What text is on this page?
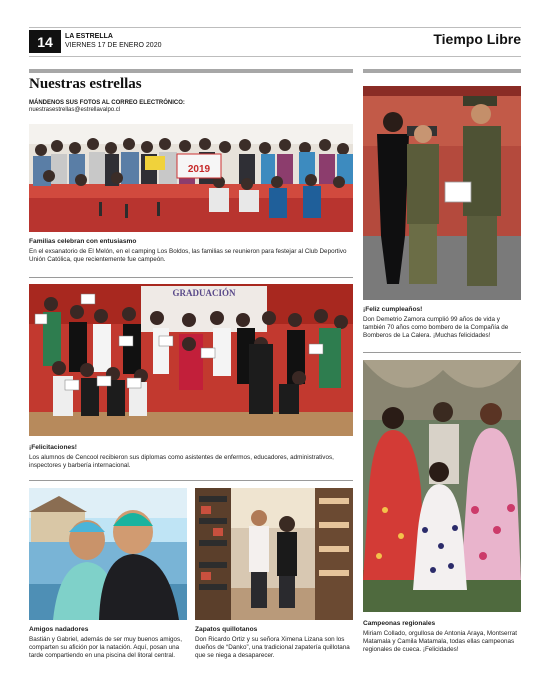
14	LA ESTRELLA
VIERNES 17 DE ENERO 2020	Tiempo Libre
Nuestras estrellas
MÁNDENOS SUS FOTOS AL CORREO ELECTRÓNICO:
nuestrasestrellas@estrellavalpo.cl
2019
Familias celebran con entusiasmo
En el exsanatorio de El Melón, en el camping Los Boldos, las familias se reunieron para festejar al Club Deportivo Unión Católica, que recientemente fue campeón.
GRADUACIÓN
¡Felicitaciones!
Los alumnos de Cencool recibieron sus diplomas como asistentes de enfermos, educadores, administrativos, inspectores y barbería internacional.
Amigos nadadores
Bastián y Gabriel, además de ser muy buenos amigos, comparten su afición por la natación. Aquí, posan una tarde compartiendo en una piscina del litoral central.
Zapatos quillotanos
Don Ricardo Ortiz y su señora Ximena Lizana son los dueños de “Danko”, una tradicional zapatería quillotana que se niega a desaparecer.
¡Feliz cumpleaños!
Don Demetrio Zamora cumplió 99 años de vida y también 70 años como bombero de la Compañía de Bomberos de La Calera. ¡Muchas felicidades!
Campeonas regionales
Miriam Collado, orgullosa de Antonia Araya, Montserrat Matamala y Camila Matamala, todas ellas campeonas regionales de cueca. ¡Felicidades!
